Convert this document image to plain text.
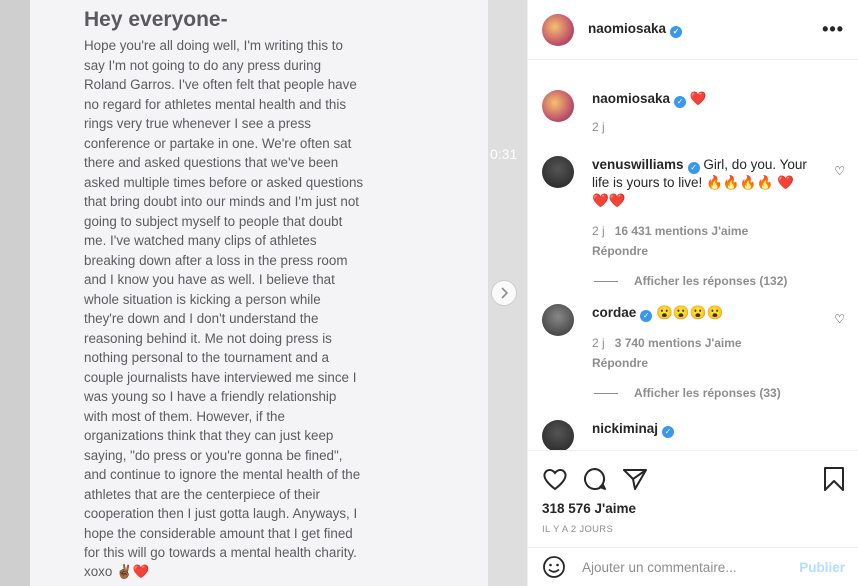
0:31
Hey everyone-
Hope you're all doing well, I'm writing this to
say I'm not going to do any press during
Roland Garros. I've often felt that people have
no regard for athletes mental health and this
rings very true whenever I see a press
conference or partake in one. We're often sat
there and asked questions that we've been
asked multiple times before or asked questions
that bring doubt into our minds and I'm just not
going to subject myself to people that doubt
me. I've watched many clips of athletes
breaking down after a loss in the press room
and I know you have as well. I believe that
whole situation is kicking a person while
they're down and I don't understand the
reasoning behind it. Me not doing press is
nothing personal to the tournament and a
couple journalists have interviewed me since I
was young so I have a friendly relationship
with most of them. However, if the
organizations think that they can just keep
saying, "do press or you're gonna be fined",
and continue to ignore the mental health of the
athletes that are the centerpiece of their
cooperation then I just gotta laugh. Anyways, I
hope the considerable amount that I get fined
for this will go towards a mental health charity.
xoxo ✌🏾❤️
naomiosaka ✓	•••
naomiosaka ✓ ❤️
2 j
venuswilliams ✓ Girl, do you. Your life is yours to live! 🔥🔥🔥🔥 ❤️❤️❤️
2 j 16 431 mentions J'aime
Répondre
♡
Afficher les réponses (132)
cordae ✓ 😮😮😮😮
2 j 3 740 mentions J'aime
Répondre
♡
Afficher les réponses (33)
nickiminaj ✓
318 576 J'aime
IL Y A 2 JOURS
Ajouter un commentaire...
Publier
